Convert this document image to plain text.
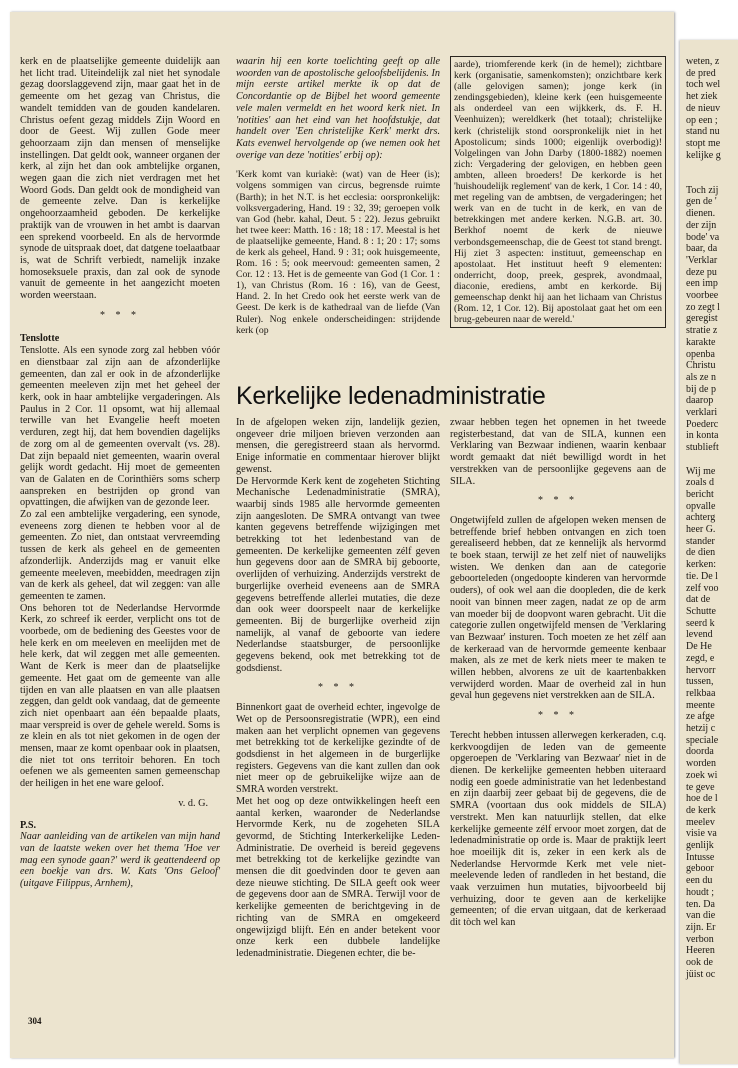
kerk en de plaatselijke gemeente duidelijk aan het licht trad. Uiteindelijk zal niet het synodale gezag doorslaggevend zijn, maar gaat het in de gemeente om het gezag van Christus, die wandelt temidden van de gouden kandelaren. Christus oefent gezag middels Zijn Woord en door de Geest. Wij zullen Gode meer gehoorzaam zijn dan mensen of menselijke instellingen. Dat geldt ook, wanneer organen der kerk, al zijn het dan ook ambtelijke organen, wegen gaan die zich niet verdragen met het Woord Gods. Dan geldt ook de mondigheid van de gemeente zelve. Dan is kerkelijke ongehoorzaamheid geboden. De kerkelijke praktijk van de vrouwen in het ambt is daarvan een sprekend voorbeeld. En als de hervormde synode de uitspraak doet, dat datgene toelaatbaar is, wat de Schrift verbiedt, namelijk inzake homoseksuele praxis, dan zal ook de synode vanuit de gemeente in het aangezicht moeten worden weerstaan.

* * *
Tenslotte

Tenslotte. Als een synode zorg zal hebben vóór en dienstbaar zal zijn aan de afzonderlijke gemeenten, dan zal er ook in de afzonderlijke gemeenten meeleven zijn met het geheel der kerk, ook in haar ambtelijke vergaderingen. Als Paulus in 2 Cor. 11 opsomt, wat hij allemaal terwille van het Evangelie heeft moeten verduren, zegt hij, dat hem bovendien dagelijks de zorg om al de gemeenten overvalt (vs. 28). Dat zijn bepaald niet gemeenten, waarin overal gelijk wordt gedacht. Hij moet de gemeenten van de Galaten en de Corinthiërs soms scherp aanspreken en bestrijden op grond van opvattingen, die afwijken van de gezonde leer.

Zo zal een ambtelijke vergadering, een synode, eveneens zorg dienen te hebben voor al de gemeenten. Zo niet, dan ontstaat vervreemding tussen de kerk als geheel en de gemeenten afzonderlijk. Anderzijds mag er vanuit elke gemeente meeleven, meebidden, meedragen zijn van de kerk als geheel, dat wil zeggen: van alle gemeenten te zamen.

Ons behoren tot de Nederlandse Hervormde Kerk, zo schreef ik eerder, verplicht ons tot de voorbede, om de bediening des Geestes voor de hele kerk en om meeleven en meelijden met de hele kerk, dat wil zeggen met alle gemeenten. Want de Kerk is meer dan de plaatselijke gemeente. Het gaat om de gemeente van alle tijden en van alle plaatsen en van alle plaatsen zeggen, dan geldt ook vandaag, dat de gemeente zich niet openbaart aan één bepaalde plaats, maar verspreid is over de gehele wereld. Soms is ze klein en als tot niet gekomen in de ogen der mensen, maar ze komt openbaar ook in plaatsen, die niet tot ons territoir behoren. En toch oefenen we als gemeenten samen gemeenschap der heiligen in het ene ware geloof.

v. d. G.
P.S.

Naar aanleiding van de artikelen van mijn hand van de laatste weken over het thema 'Hoe ver mag een synode gaan?' werd ik geattendeerd op een boekje van drs. W. Kats 'Ons Geloof' (uitgave Filippus, Arnhem),

waarin hij een korte toelichting geeft op alle woorden van de apostolische geloofsbelijdenis. In mijn eerste artikel merkte ik op dat de Concordantie op de Bijbel het woord gemeente vele malen vermeldt en het woord kerk niet. In 'notities' aan het eind van het hoofdstukje, dat handelt over 'Een christelijke Kerk' merkt drs. Kats evenwel hervolgende op (we nemen ook het overige van deze 'notities' erbij op):

'Kerk komt van kuriakè: (wat) van de Heer (is); volgens sommigen van circus, begrensde ruimte (Barth); in het N.T. is het ecclesia: oorspronkelijk: volksvergadering, Hand. 19 : 32, 39; geroepen volk van God (hebr. kahal, Deut. 5 : 22). Jezus gebruikt het twee keer: Matth. 16 : 18; 18 : 17. Meestal is het de plaatselijke gemeente, Hand. 8 : 1; 20 : 17; soms de kerk als geheel, Hand. 9 : 31; ook huisgemeente, Rom. 16 : 5; ook meervoud: gemeenten samen, 2 Cor. 12 : 13. Het is de gemeente van God (1 Cor. 1 : 1), van Christus (Rom. 16 : 16), van de Geest, Hand. 2. In het Credo ook het eerste werk van de Geest. De kerk is de kathedraal van de liefde (Van Ruler). Nog enkele onderscheidingen: strijdende kerk (op

aarde), triomferende kerk (in de hemel); zichtbare kerk (organisatie, samenkomsten); onzichtbare kerk (alle gelovigen samen); jonge kerk (in zendingsgebieden), kleine kerk (een huisgemeente als onderdeel van een wijkkerk, ds. F. H. Veenhuizen); wereldkerk (het totaal); christelijke kerk (christelijk stond oorspronkelijk niet in het Apostolicum; sinds 1000; eigenlijk overbodig)! Volgelingen van John Darby (1800-1882) noemen zich: Vergadering der gelovigen, en hebben geen ambten, alleen broeders! De kerkorde is het 'huishoudelijk reglement' van de kerk, 1 Cor. 14 : 40, met regeling van de ambtsen, de vergaderingen; het werk van en de tucht in de kerk, en van de betrekkingen met andere kerken. N.G.B. art. 30. Berkhof noemt de kerk de nieuwe verbondsgemeenschap, die de Geest tot stand brengt. Hij ziet 3 aspecten: instituut, gemeenschap en apostolaat. Het instituut heeft 9 elementen: onderricht, doop, preek, gesprek, avondmaal, diaconie, erediens, ambt en kerkorde. Bij gemeenschap denkt hij aan het lichaam van Christus (Rom. 12, 1 Cor. 12). Bij apostolaat gaat het om een brug-gebeuren naar de wereld.'

Kerkelijke ledenadministratie

In de afgelopen weken zijn, landelijk gezien, ongeveer drie miljoen brieven verzonden aan mensen, die geregistreerd staan als hervormd. Enige informatie en commentaar hierover blijkt gewenst.

De Hervormde Kerk kent de zogeheten Stichting Mechanische Ledenadministratie (SMRA), waarbij sinds 1985 alle hervormde gemeenten zijn aangesloten. De SMRA ontvangt van twee kanten gegevens betreffende wijzigingen met betrekking tot het ledenbestand van de gemeenten. De kerkelijke gemeenten zélf geven hun gegevens door aan de SMRA bij geboorte, overlijden of verhuizing. Anderzijds verstrekt de burgerlijke overheid eveneens aan de SMRA gegevens betreffende allerlei mutaties, die deze dan ook weer doorspeelt naar de kerkelijke gemeenten. Bij de burgerlijke overheid zijn namelijk, al vanaf de geboorte van iedere Nederlandse staatsburger, de persoonlijke gegevens bekend, ook met betrekking tot de godsdienst.

* * *

Binnenkort gaat de overheid echter, ingevolge de Wet op de Persoonsregistratie (WPR), een eind maken aan het verplicht opnemen van gegevens met betrekking tot de kerkelijke gezindte of de godsdienst in het algemeen in de burgerlijke registers. Gegevens van die kant zullen dan ook niet meer op de gebruikelijke wijze aan de SMRA worden verstrekt.

Met het oog op deze ontwikkelingen heeft een aantal kerken, waaronder de Nederlandse Hervormde Kerk, nu de zogeheten SILA gevormd, de Stichting Interkerkelijke Leden-Administratie. De overheid is bereid gegevens met betrekking tot de kerkelijke gezindte van mensen die dit goedvinden door te geven aan deze nieuwe stichting. De SILA geeft ook weer de gegevens door aan de SMRA. Terwijl voor de kerkelijke gemeenten de berichtgeving in de richting van de SMRA en omgekeerd ongewijzigd blijft. Eén en ander betekent voor onze kerk een dubbele landelijke ledenadministratie. Diegenen echter, die be-

zwaar hebben tegen het opnemen in het tweede registerbestand, dat van de SILA, kunnen een Verklaring van Bezwaar indienen, waarin kenbaar wordt gemaakt dat niét bewilligd wordt in het verstrekken van de persoonlijke gegevens aan de SILA.

* * *

Ongetwijfeld zullen de afgelopen weken mensen de betreffende brief hebben ontvangen en zich toen gerealiseerd hebben, dat ze kennelijk als hervormd te boek staan, terwijl ze het zelf niet of nauwelijks wisten. We denken dan aan de categorie geboorteleden (ongedoopte kinderen van hervormde ouders), of ook wel aan die doopleden, die de kerk nooit van binnen meer zagen, nadat ze op de arm van moeder bij de doopvont waren gebracht. Uit die categorie zullen ongetwijfeld mensen de 'Verklaring van Bezwaar' insturen. Toch moeten ze het zélf aan de kerkeraad van de hervormde gemeente kenbaar maken, als ze met de kerk niets meer te maken te willen hebben, alvorens ze uit de kaartenbakken verwijderd worden. Maar de overheid zal in hun geval hun gegevens niet verstrekken aan de SILA.

* * *

Terecht hebben intussen allerwegen kerkeraden, c.q. kerkvoogdijen de leden van de gemeente opgeroepen de 'Verklaring van Bezwaar' niet in de dienen. De kerkelijke gemeenten hebben uiteraard nodig een goede administratie van het ledenbestand en zijn daarbij zeer gebaat bij de gegevens, die de SMRA (voortaan dus ook middels de SILA) verstrekt. Men kan natuurlijk stellen, dat elke kerkelijke gemeente zélf ervoor moet zorgen, dat de ledenadministratie op orde is. Maar de praktijk leert hoe moeilijk dit is, zeker in een kerk als de Nederlandse Hervormde Kerk met vele niet-meelevende leden of randleden in het bestand, die vaak verzuimen hun mutaties, bijvoorbeeld bij verhuizing, door te geven aan de kerkelijke gemeenten; of die ervan uitgaan, dat de kerkeraad dit tòch wel kan

304
weten, z
de pred
toch wel
het ziek
de nieuv
op een ;
stand nu
stopt me
kelijke g
Toch zij
gen de '
dienen.
der zijn
bode' va
baar, da
'Verklar
deze pu
een imp
voorbee
zo zegt l
geregist
stratie z
karakte
openba
Christu
als ze n
bij de p
daarop
verklari
Poederc
in konta
stublieft
Wij me
zoals d
bericht
opvalle
achterg
heer G.
stander
de dien
kerken:
tie. De l
zelf voo
dat de
Schutte
seerd k
levend
De He
zegd, e
hervorr
tussen,
relkbaa
meente
ze afge
hetzij c
speciale
doorda
worden
zoek wi
te geve
hoe de l
de kerk
meelev
visie va
genlijk
Intusse
geboor
een du
houdt ;
ten. Da
van die
zijn. Er
verbon
Heeren
ook de
jüist oc
